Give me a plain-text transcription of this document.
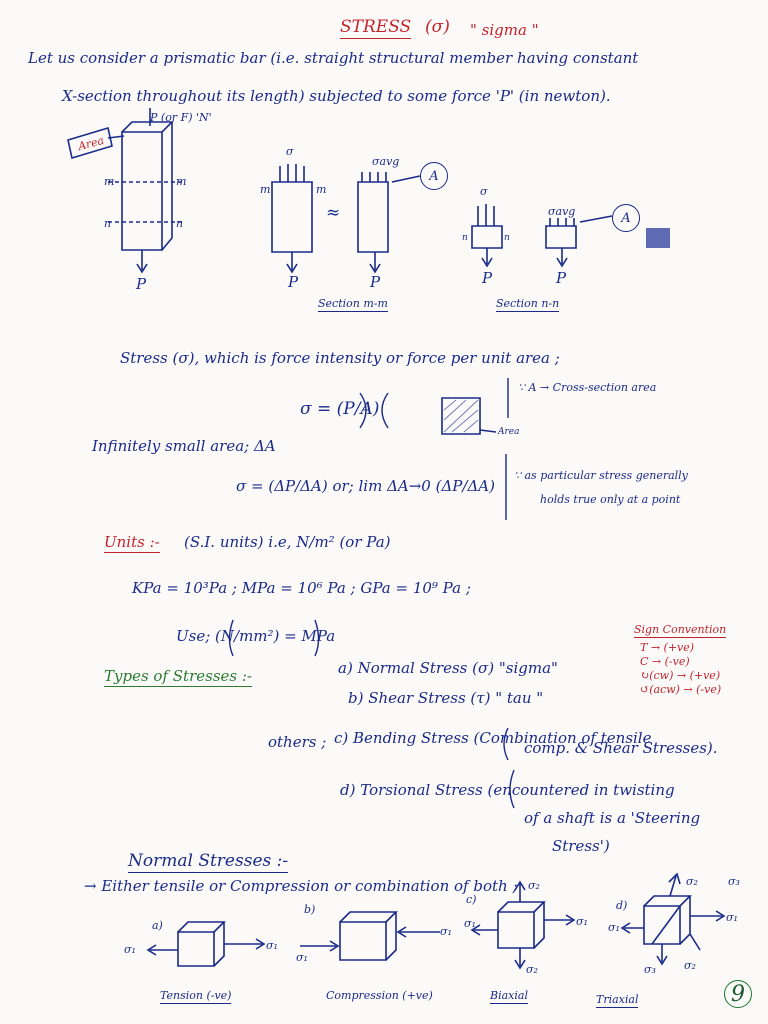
STRESS (σ) " sigma "
Let us consider a prismatic bar (i.e. straight structural member having constant
X-section throughout its length) subjected to some force 'P' (in newton).
Area
P (or F) 'N'
m	m
n	n
P
σ
m	m
≈
P
σavg
A
P
σ
n	n
P
σavg	A
P
Section m-m	Section n-n
Stress (σ), which is force intensity or force per unit area ;
σ = (P/A)
∵ A → Cross-section area
Area
Infinitely small area; ΔA
σ = (ΔP/ΔA) or; lim ΔA→0 (ΔP/ΔA)
∵ as particular stress generally
holds true only at a point
Units :- (S.I. units) i.e, N/m² (or Pa)
KPa = 10³Pa ; MPa = 10⁶ Pa ; GPa = 10⁹ Pa ;
Use; (N/mm²) = MPa	Sign Convention
T → (+ve)
C → (-ve)
↻(cw) → (+ve)
↺(acw) → (-ve)
Types of Stresses :-	a) Normal Stress (σ) "sigma"
b) Shear Stress (τ) " tau "
others ; c) Bending Stress (Combination of tensile
comp. & Shear Stresses).
d) Torsional Stress (encountered in twisting
of a shaft is a 'Steering
Stress')
Normal Stresses :-
→ Either tensile or Compression or combination of both ;
a)
b)
c)	d)
σ₁	σ₁
σ₁
σ₁
σ₂
σ₁
σ₁
σ₂
σ₂	σ₃
σ₁
σ₁
σ₃	σ₂
Tension (-ve)	Compression (+ve)	Biaxial	Triaxial	9
